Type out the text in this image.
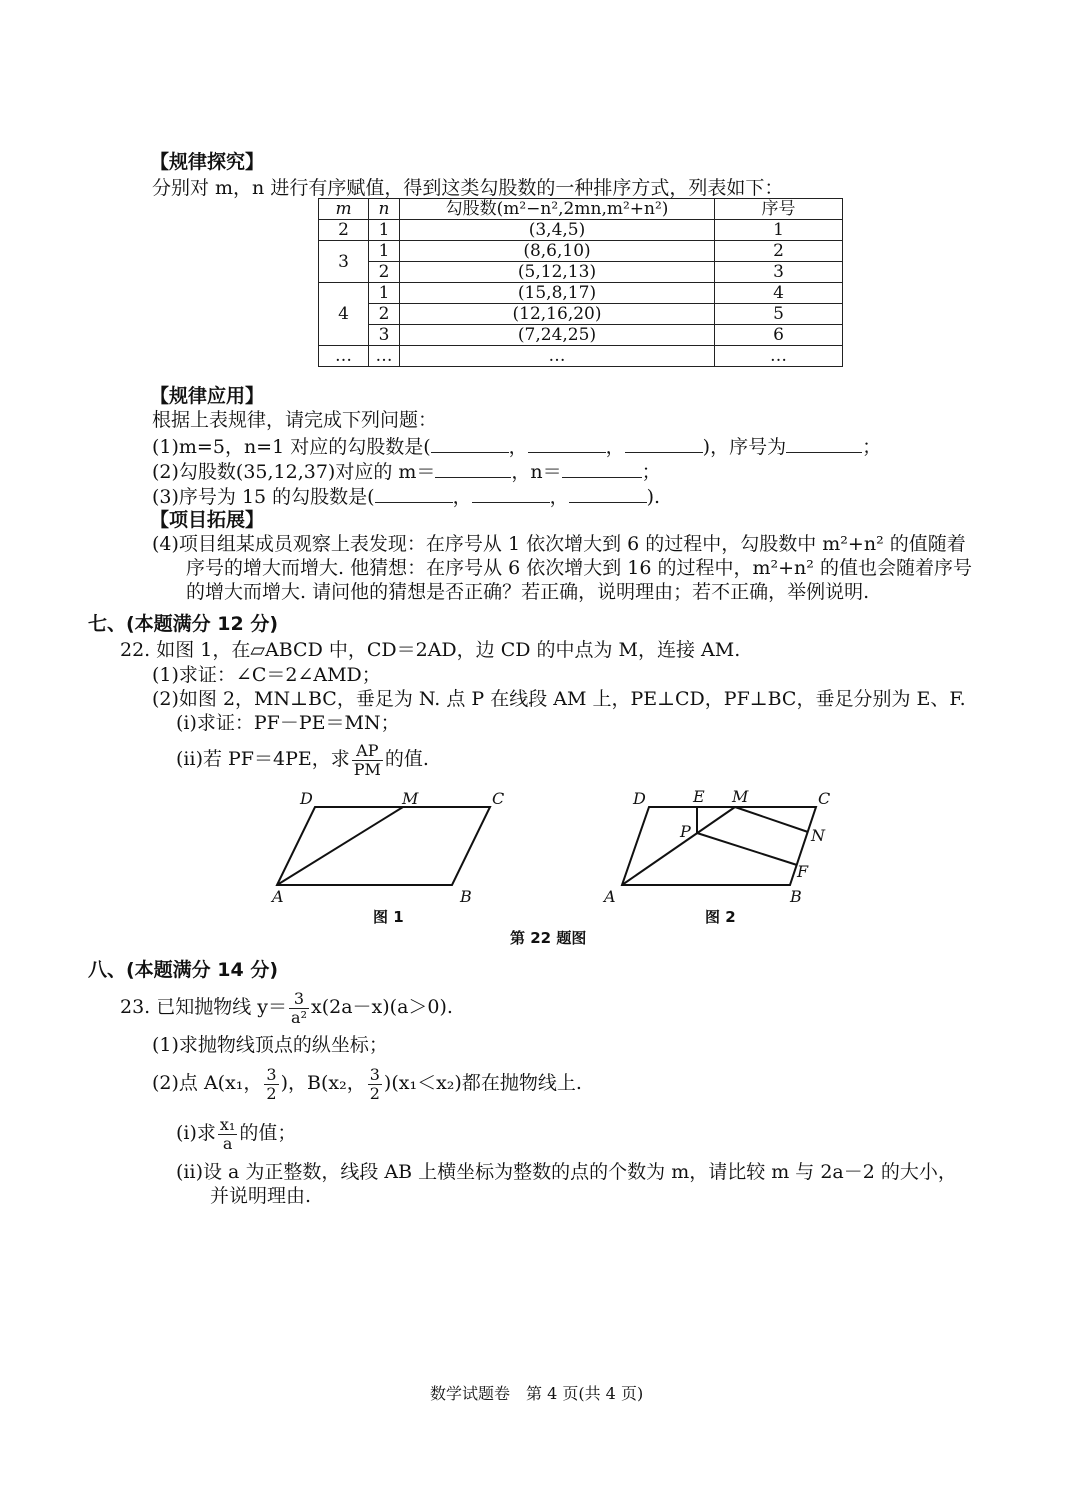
【规律探究】
分别对 m，n 进行有序赋值，得到这类勾股数的一种排序方式，列表如下：
m	n	勾股数(m²−n²,2mn,m²+n²)	序号
2	1	(3,4,5)	1
3	1	(8,6,10)	2
	2	(5,12,13)	3
4	1	(15,8,17)	4
	2	(12,16,20)	5
	3	(7,24,25)	6
…	…	…	…
【规律应用】
根据上表规律，请完成下列问题：
(1)m=5，n=1 对应的勾股数是(	，	，	)，序号为	；
(2)勾股数(35,12,37)对应的 m＝	，n＝	；
(3)序号为 15 的勾股数是(	，	，	).
【项目拓展】
(4)项目组某成员观察上表发现：在序号从 1 依次增大到 6 的过程中，勾股数中 m²+n² 的值随着
序号的增大而增大. 他猜想：在序号从 6 依次增大到 16 的过程中，m²+n² 的值也会随着序号
的增大而增大. 请问他的猜想是否正确？若正确，说明理由；若不正确，举例说明.
七、(本题满分 12 分)
22. 如图 1，在▱ABCD 中，CD＝2AD，边 CD 的中点为 M，连接 AM.
(1)求证：∠C＝2∠AMD；
(2)如图 2，MN⊥BC，垂足为 N. 点 P 在线段 AM 上，PE⊥CD，PF⊥BC，垂足分别为 E、F.
(ⅰ)求证：PF－PE＝MN；
(ⅱ)若 PF＝4PE，求 $\frac{AP}{PM}$ 的值.
D	M	C
A	B
图 1
D	E M	C
P	N
F
A	B
图 2
第 22 题图
八、(本题满分 14 分)
23. 已知抛物线 $y= \frac{3}{\text{a²}} x(2a-x)(a>0)$.
(1)求抛物线顶点的纵坐标；
(2)点 A(x₁， $\frac{3}{2}$ )，B(x₂， $\frac{3}{2} )(x_1<x_2)$都在抛物线上.
(ⅰ)求 $\frac{\text{x₁}}{a}$ 的值；
(ⅱ)设 a 为正整数，线段 AB 上横坐标为整数的点的个数为 m，请比较 m 与 2a－2 的大小，
并说明理由.
数学试题卷　第 4 页(共 4 页)
